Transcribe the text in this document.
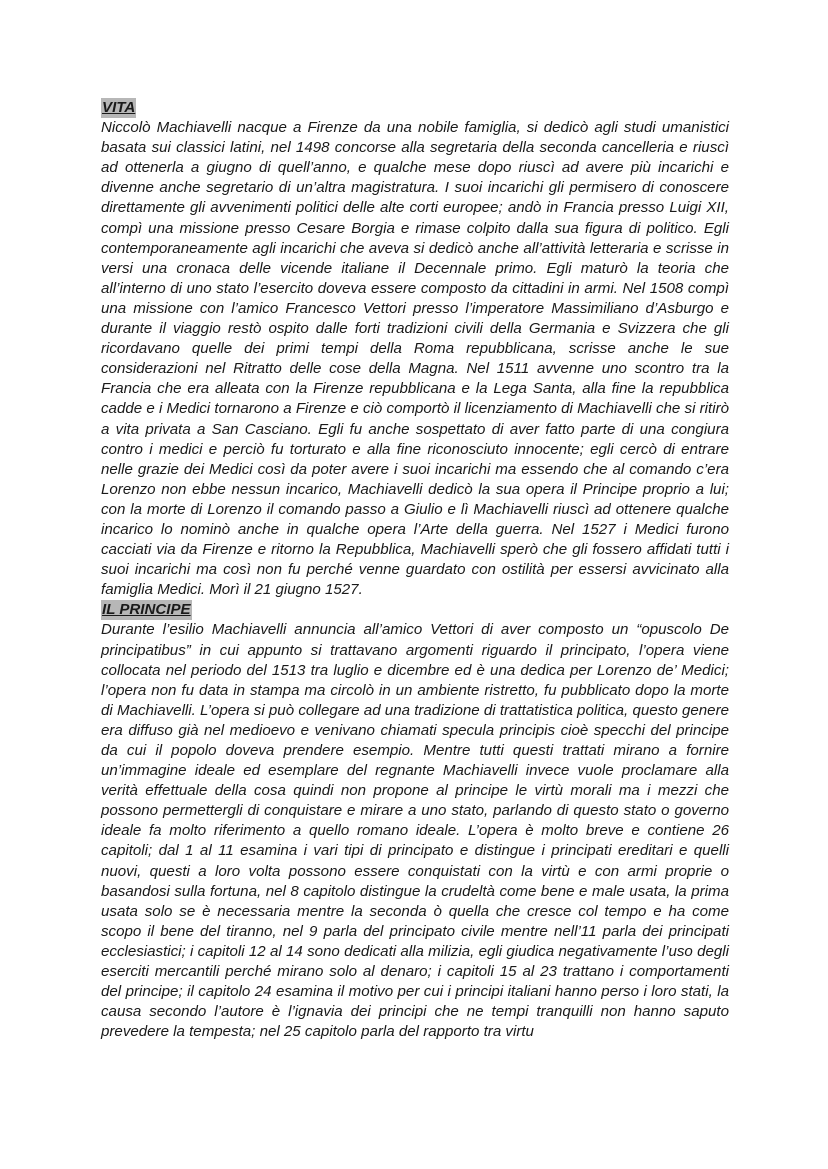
VITA

Niccolò Machiavelli nacque a Firenze da una nobile famiglia, si dedicò agli studi umanistici basata sui classici latini, nel 1498 concorse alla segretaria della seconda cancelleria e riuscì ad ottenerla a giugno di quell’anno, e qualche mese dopo riuscì ad avere più incarichi e divenne anche segretario di un’altra magistratura. I suoi incarichi gli permisero di conoscere direttamente gli avvenimenti politici delle alte corti europee; andò in Francia presso Luigi XII, compì una missione presso Cesare Borgia e rimase colpito dalla sua figura di politico. Egli contemporaneamente agli incarichi che aveva si dedicò anche all’attività letteraria e scrisse in versi una cronaca delle vicende italiane il Decennale primo. Egli maturò la teoria che all’interno di uno stato l’esercito doveva essere composto da cittadini in armi. Nel 1508 compì una missione con l’amico Francesco Vettori presso l’imperatore Massimiliano d’Asburgo e durante il viaggio restò ospito dalle forti tradizioni civili della Germania e Svizzera che gli ricordavano quelle dei primi tempi della Roma repubblicana, scrisse anche le sue considerazioni nel Ritratto delle cose della Magna. Nel 1511 avvenne uno scontro tra la Francia che era alleata con la Firenze repubblicana e la Lega Santa, alla fine la repubblica cadde e i Medici tornarono a Firenze e ciò comportò il licenziamento di Machiavelli che si ritirò a vita privata a San Casciano. Egli fu anche sospettato di aver fatto parte di una congiura contro i medici e perciò fu torturato e alla fine riconosciuto innocente; egli cercò di entrare nelle grazie dei Medici così da poter avere i suoi incarichi ma essendo che al comando c’era Lorenzo non ebbe nessun incarico, Machiavelli dedicò la sua opera il Principe proprio a lui; con la morte di Lorenzo il comando passo a Giulio e lì Machiavelli riuscì ad ottenere qualche incarico lo nominò anche in qualche opera l’Arte della guerra. Nel 1527 i Medici furono cacciati via da Firenze e ritorno la Repubblica, Machiavelli sperò che gli fossero affidati tutti i suoi incarichi ma così non fu perché venne guardato con ostilità per essersi avvicinato alla famiglia Medici. Morì il 21 giugno 1527.

IL PRINCIPE

Durante l’esilio Machiavelli annuncia all’amico Vettori di aver composto un “opuscolo De principatibus” in cui appunto si trattavano argomenti riguardo il principato, l’opera viene collocata nel periodo del 1513 tra luglio e dicembre ed è una dedica per Lorenzo de’ Medici; l’opera non fu data in stampa ma circolò in un ambiente ristretto, fu pubblicato dopo la morte di Machiavelli. L’opera si può collegare ad una tradizione di trattatistica politica, questo genere era diffuso già nel medioevo e venivano chiamati specula principis cioè specchi del principe da cui il popolo doveva prendere esempio. Mentre tutti questi trattati mirano a fornire un’immagine ideale ed esemplare del regnante Machiavelli invece vuole proclamare alla verità effettuale della cosa quindi non propone al principe le virtù morali ma i mezzi che possono permettergli di conquistare e mirare a uno stato, parlando di questo stato o governo ideale fa molto riferimento a quello romano ideale. L’opera è molto breve e contiene 26 capitoli; dal 1 al 11 esamina i vari tipi di principato e distingue i principati ereditari e quelli nuovi, questi a loro volta possono essere conquistati con la virtù e con armi proprie o basandosi sulla fortuna, nel 8 capitolo distingue la crudeltà come bene e male usata, la prima usata solo se è necessaria mentre la seconda ò quella che cresce col tempo e ha come scopo il bene del tiranno, nel 9 parla del principato civile mentre nell’11 parla dei principati ecclesiastici; i capitoli 12 al 14 sono dedicati alla milizia, egli giudica negativamente l’uso degli eserciti mercantili perché mirano solo al denaro; i capitoli 15 al 23 trattano i comportamenti del principe; il capitolo 24 esamina il motivo per cui i principi italiani hanno perso i loro stati, la causa secondo l’autore è l’ignavia dei principi che ne tempi tranquilli non hanno saputo prevedere la tempesta; nel 25 capitolo parla del rapporto tra virtu
